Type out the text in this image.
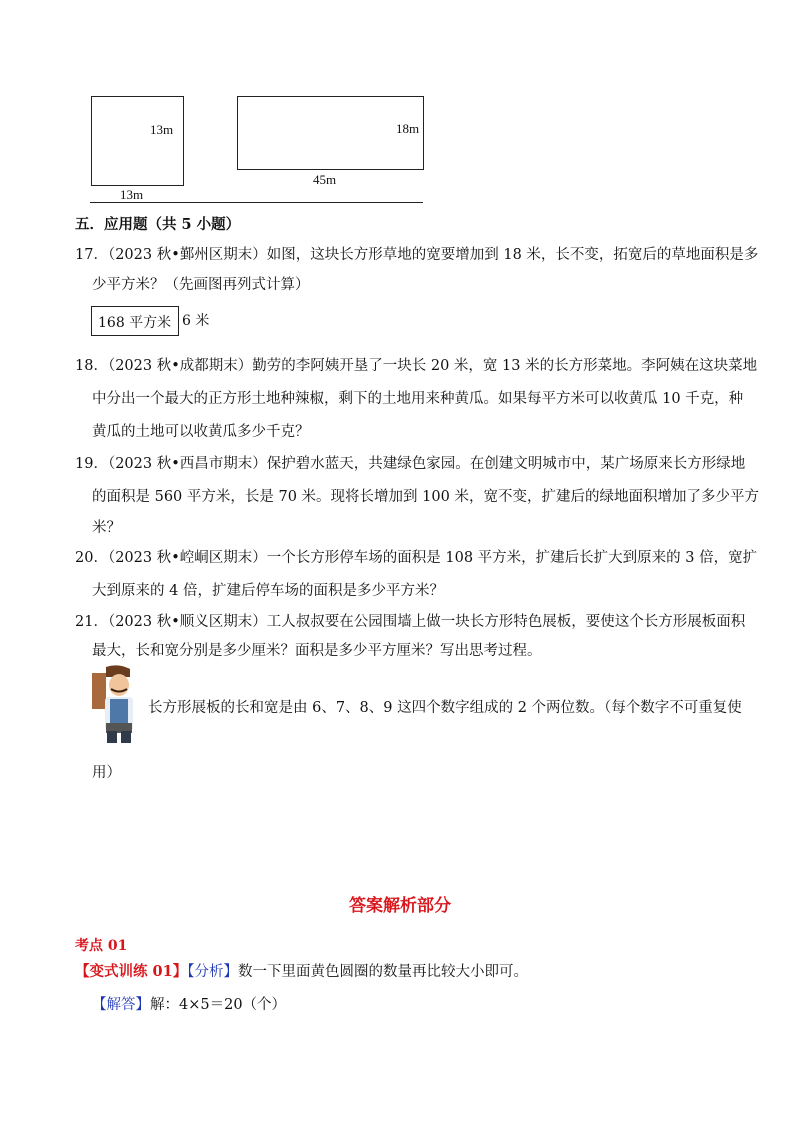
13m
13m
18m
45m
五．应用题（共 5 小题）
17．（2023 秋•鄞州区期末）如图，这块长方形草地的宽要增加到 18 米，长不变，拓宽后的草地面积是多
少平方米？（先画图再列式计算）
168 平方米 6 米
18．（2023 秋•成都期末）勤劳的李阿姨开垦了一块长 20 米，宽 13 米的长方形菜地。李阿姨在这块菜地
中分出一个最大的正方形土地种辣椒，剩下的土地用来种黄瓜。如果每平方米可以收黄瓜 10 千克，种
黄瓜的土地可以收黄瓜多少千克？
19．（2023 秋•西昌市期末）保护碧水蓝天，共建绿色家园。在创建文明城市中，某广场原来长方形绿地
的面积是 560 平方米，长是 70 米。现将长增加到 100 米，宽不变，扩建后的绿地面积增加了多少平方
米？
20．（2023 秋•崆峒区期末）一个长方形停车场的面积是 108 平方米，扩建后长扩大到原来的 3 倍，宽扩
大到原来的 4 倍，扩建后停车场的面积是多少平方米？
21．（2023 秋•顺义区期末）工人叔叔要在公园围墙上做一块长方形特色展板，要使这个长方形展板面积
最大，长和宽分别是多少厘米？面积是多少平方厘米？写出思考过程。
长方形展板的长和宽是由 6、7、8、9 这四个数字组成的 2 个两位数。（每个数字不可重复使
用）
答案解析部分
考点 01
【变式训练 01】【分析】数一下里面黄色圆圈的数量再比较大小即可。
【解答】解：4×5＝20（个）
